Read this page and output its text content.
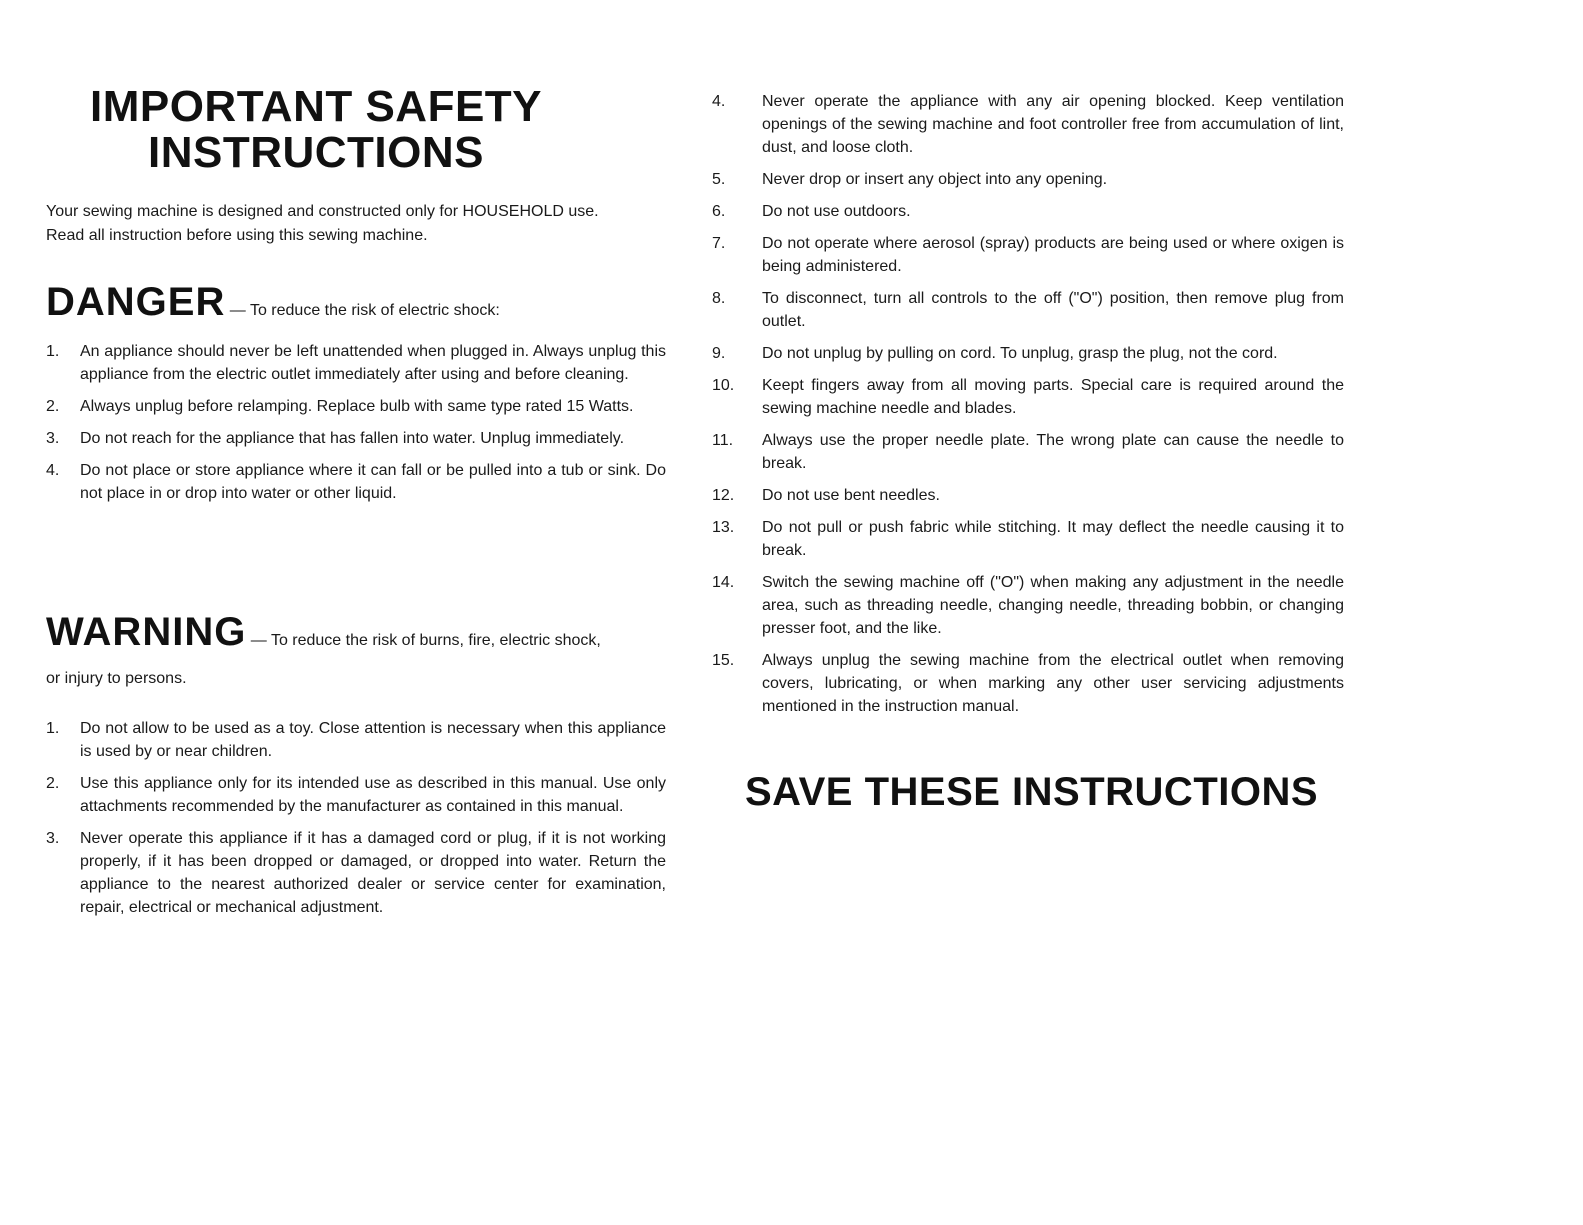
IMPORTANT SAFETY
INSTRUCTIONS

Your sewing machine is designed and constructed only for HOUSEHOLD use.

Read all instruction before using this sewing machine.

DANGER — To reduce the risk of electric shock:
1. An appliance should never be left unattended when plugged in. Always unplug this appliance from the electric outlet immediately after using and before cleaning.
2. Always unplug before relamping. Replace bulb with same type rated 15 Watts.
3. Do not reach for the appliance that has fallen into water. Unplug immediately.
4. Do not place or store appliance where it can fall or be pulled into a tub or sink. Do not place in or drop into water or other liquid.
WARNING — To reduce the risk of burns, fire, electric shock,
or injury to persons.
1. Do not allow to be used as a toy. Close attention is necessary when this appliance is used by or near children.
2. Use this appliance only for its intended use as described in this manual. Use only attachments recommended by the manufacturer as contained in this manual.
3. Never operate this appliance if it has a damaged cord or plug, if it is not working properly, if it has been dropped or damaged, or dropped into water. Return the appliance to the nearest authorized dealer or service center for examination, repair, electrical or mechanical adjustment.
4. Never operate the appliance with any air opening blocked. Keep ventilation openings of the sewing machine and foot controller free from accumulation of lint, dust, and loose cloth.
5. Never drop or insert any object into any opening.
6. Do not use outdoors.
7. Do not operate where aerosol (spray) products are being used or where oxigen is being administered.
8. To disconnect, turn all controls to the off ("O") position, then remove plug from outlet.
9. Do not unplug by pulling on cord. To unplug, grasp the plug, not the cord.
10. Keept fingers away from all moving parts. Special care is required around the sewing machine needle and blades.
11. Always use the proper needle plate. The wrong plate can cause the needle to break.
12. Do not use bent needles.
13. Do not pull or push fabric while stitching. It may deflect the needle causing it to break.
14. Switch the sewing machine off ("O") when making any adjustment in the needle area, such as threading needle, changing needle, threading bobbin, or changing presser foot, and the like.
15. Always unplug the sewing machine from the electrical outlet when removing covers, lubricating, or when marking any other user servicing adjustments mentioned in the instruction manual.
SAVE THESE INSTRUCTIONS
